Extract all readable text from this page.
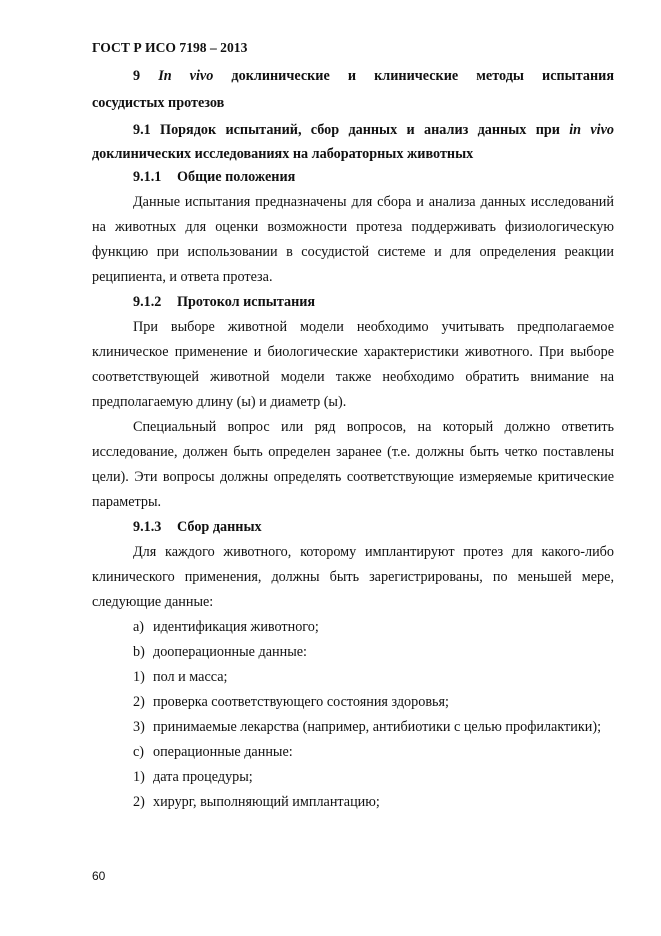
ГОСТ Р ИСО 7198 – 2013
9 In vivo доклинические и клинические методы испытания
сосудистых протезов
9.1 Порядок испытаний, сбор данных и анализ данных при in vivo
доклинических исследованиях на лабораторных животных
9.1.1 Общие положения
Данные испытания предназначены для сбора и анализа данных исследований
на животных для оценки возможности протеза поддерживать физиологическую
функцию при использовании в сосудистой системе и для определения реакции
реципиента, и ответа протеза.
9.1.2 Протокол испытания
При выборе животной модели необходимо учитывать предполагаемое
клиническое применение и биологические характеристики животного. При выборе
соответствующей животной модели также необходимо обратить внимание на
предполагаемую длину (ы) и диаметр (ы).
Специальный вопрос или ряд вопросов, на который должно ответить
исследование, должен быть определен заранее (т.е. должны быть четко поставлены
цели). Эти вопросы должны определять соответствующие измеряемые критические
параметры.
9.1.3 Сбор данных
Для каждого животного, которому имплантируют протез для какого-либо
клинического применения, должны быть зарегистрированы, по меньшей мере,
следующие данные:
a) идентификация животного;
b) дооперационные данные:
1) пол и масса;
2) проверка соответствующего состояния здоровья;
3) принимаемые лекарства (например, антибиотики с целью профилактики);
c) операционные данные:
1) дата процедуры;
2) хирург, выполняющий имплантацию;
60
